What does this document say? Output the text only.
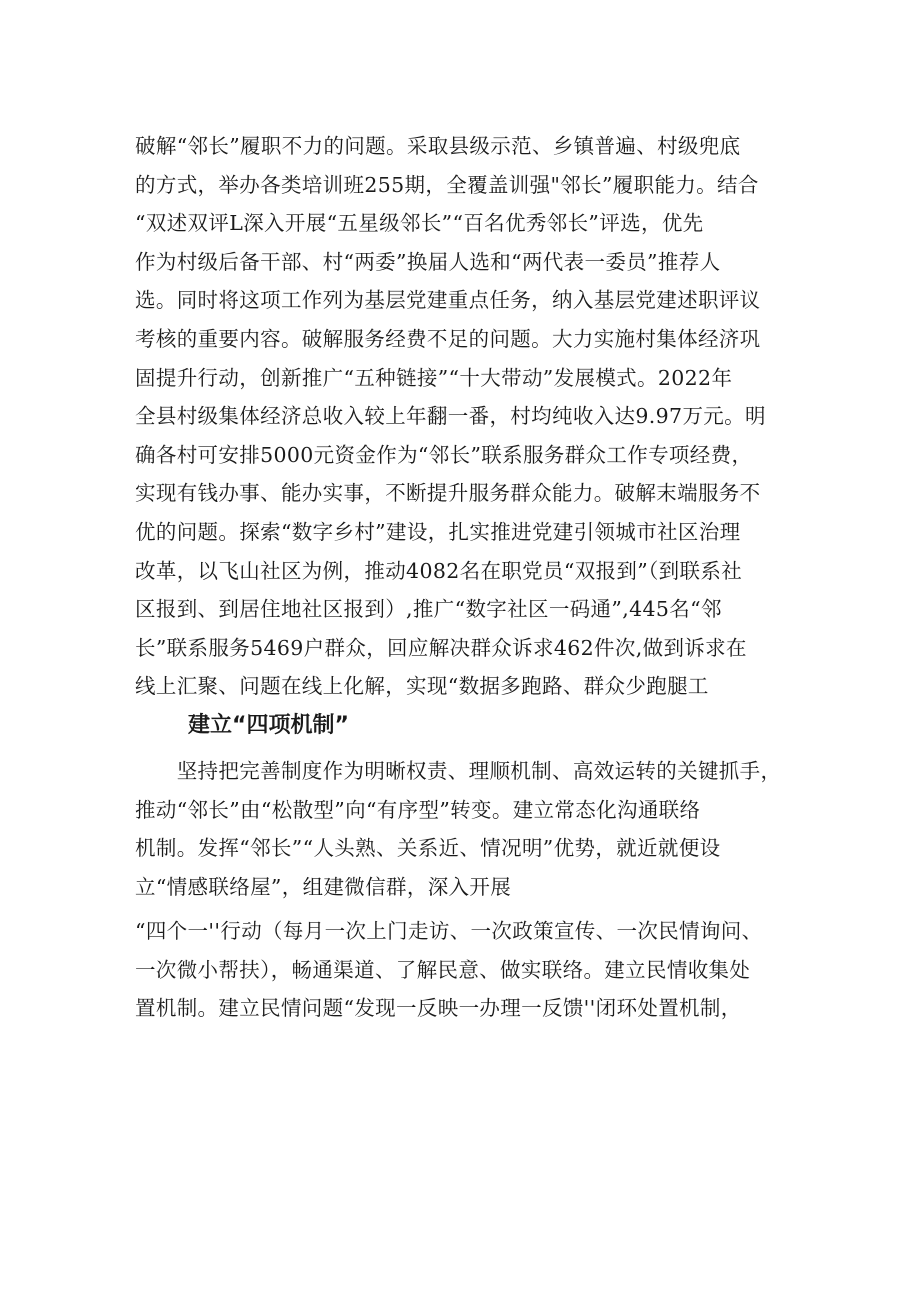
破解“邻长”履职不力的问题。采取县级示范、乡镇普遍、村级兜底
的方式，举办各类培训班255期，全覆盖训强"邻长”履职能力。结合
“双述双评L深入开展“五星级邻长”“百名优秀邻长”评选，优先
作为村级后备干部、村“两委”换届人选和“两代表一委员”推荐人
选。同时将这项工作列为基层党建重点任务，纳入基层党建述职评议
考核的重要内容。破解服务经费不足的问题。大力实施村集体经济巩
固提升行动，创新推广“五种链接”“十大带动”发展模式。2022年
全县村级集体经济总收入较上年翻一番，村均纯收入达9.97万元。明
确各村可安排5000元资金作为“邻长”联系服务群众工作专项经费，
实现有钱办事、能办实事，不断提升服务群众能力。破解末端服务不
优的问题。探索“数字乡村”建设，扎实推进党建引领城市社区治理
改革，以飞山社区为例，推动4082名在职党员“双报到”（到联系社
区报到、到居住地社区报到）,推广“数字社区一码通”,445名“邻
长”联系服务5469户群众，回应解决群众诉求462件次,做到诉求在
线上汇聚、问题在线上化解，实现“数据多跑路、群众少跑腿工
建立“四项机制”
　　坚持把完善制度作为明晰权责、理顺机制、高效运转的关键抓手，
推动“邻长”由“松散型”向“有序型”转变。建立常态化沟通联络
机制。发挥“邻长”“人头熟、关系近、情况明”优势，就近就便设
立“情感联络屋”，组建微信群，深入开展
“四个一''行动（每月一次上门走访、一次政策宣传、一次民情询问、
一次微小帮扶），畅通渠道、了解民意、做实联络。建立民情收集处
置机制。建立民情问题“发现一反映一办理一反馈''闭环处置机制，
